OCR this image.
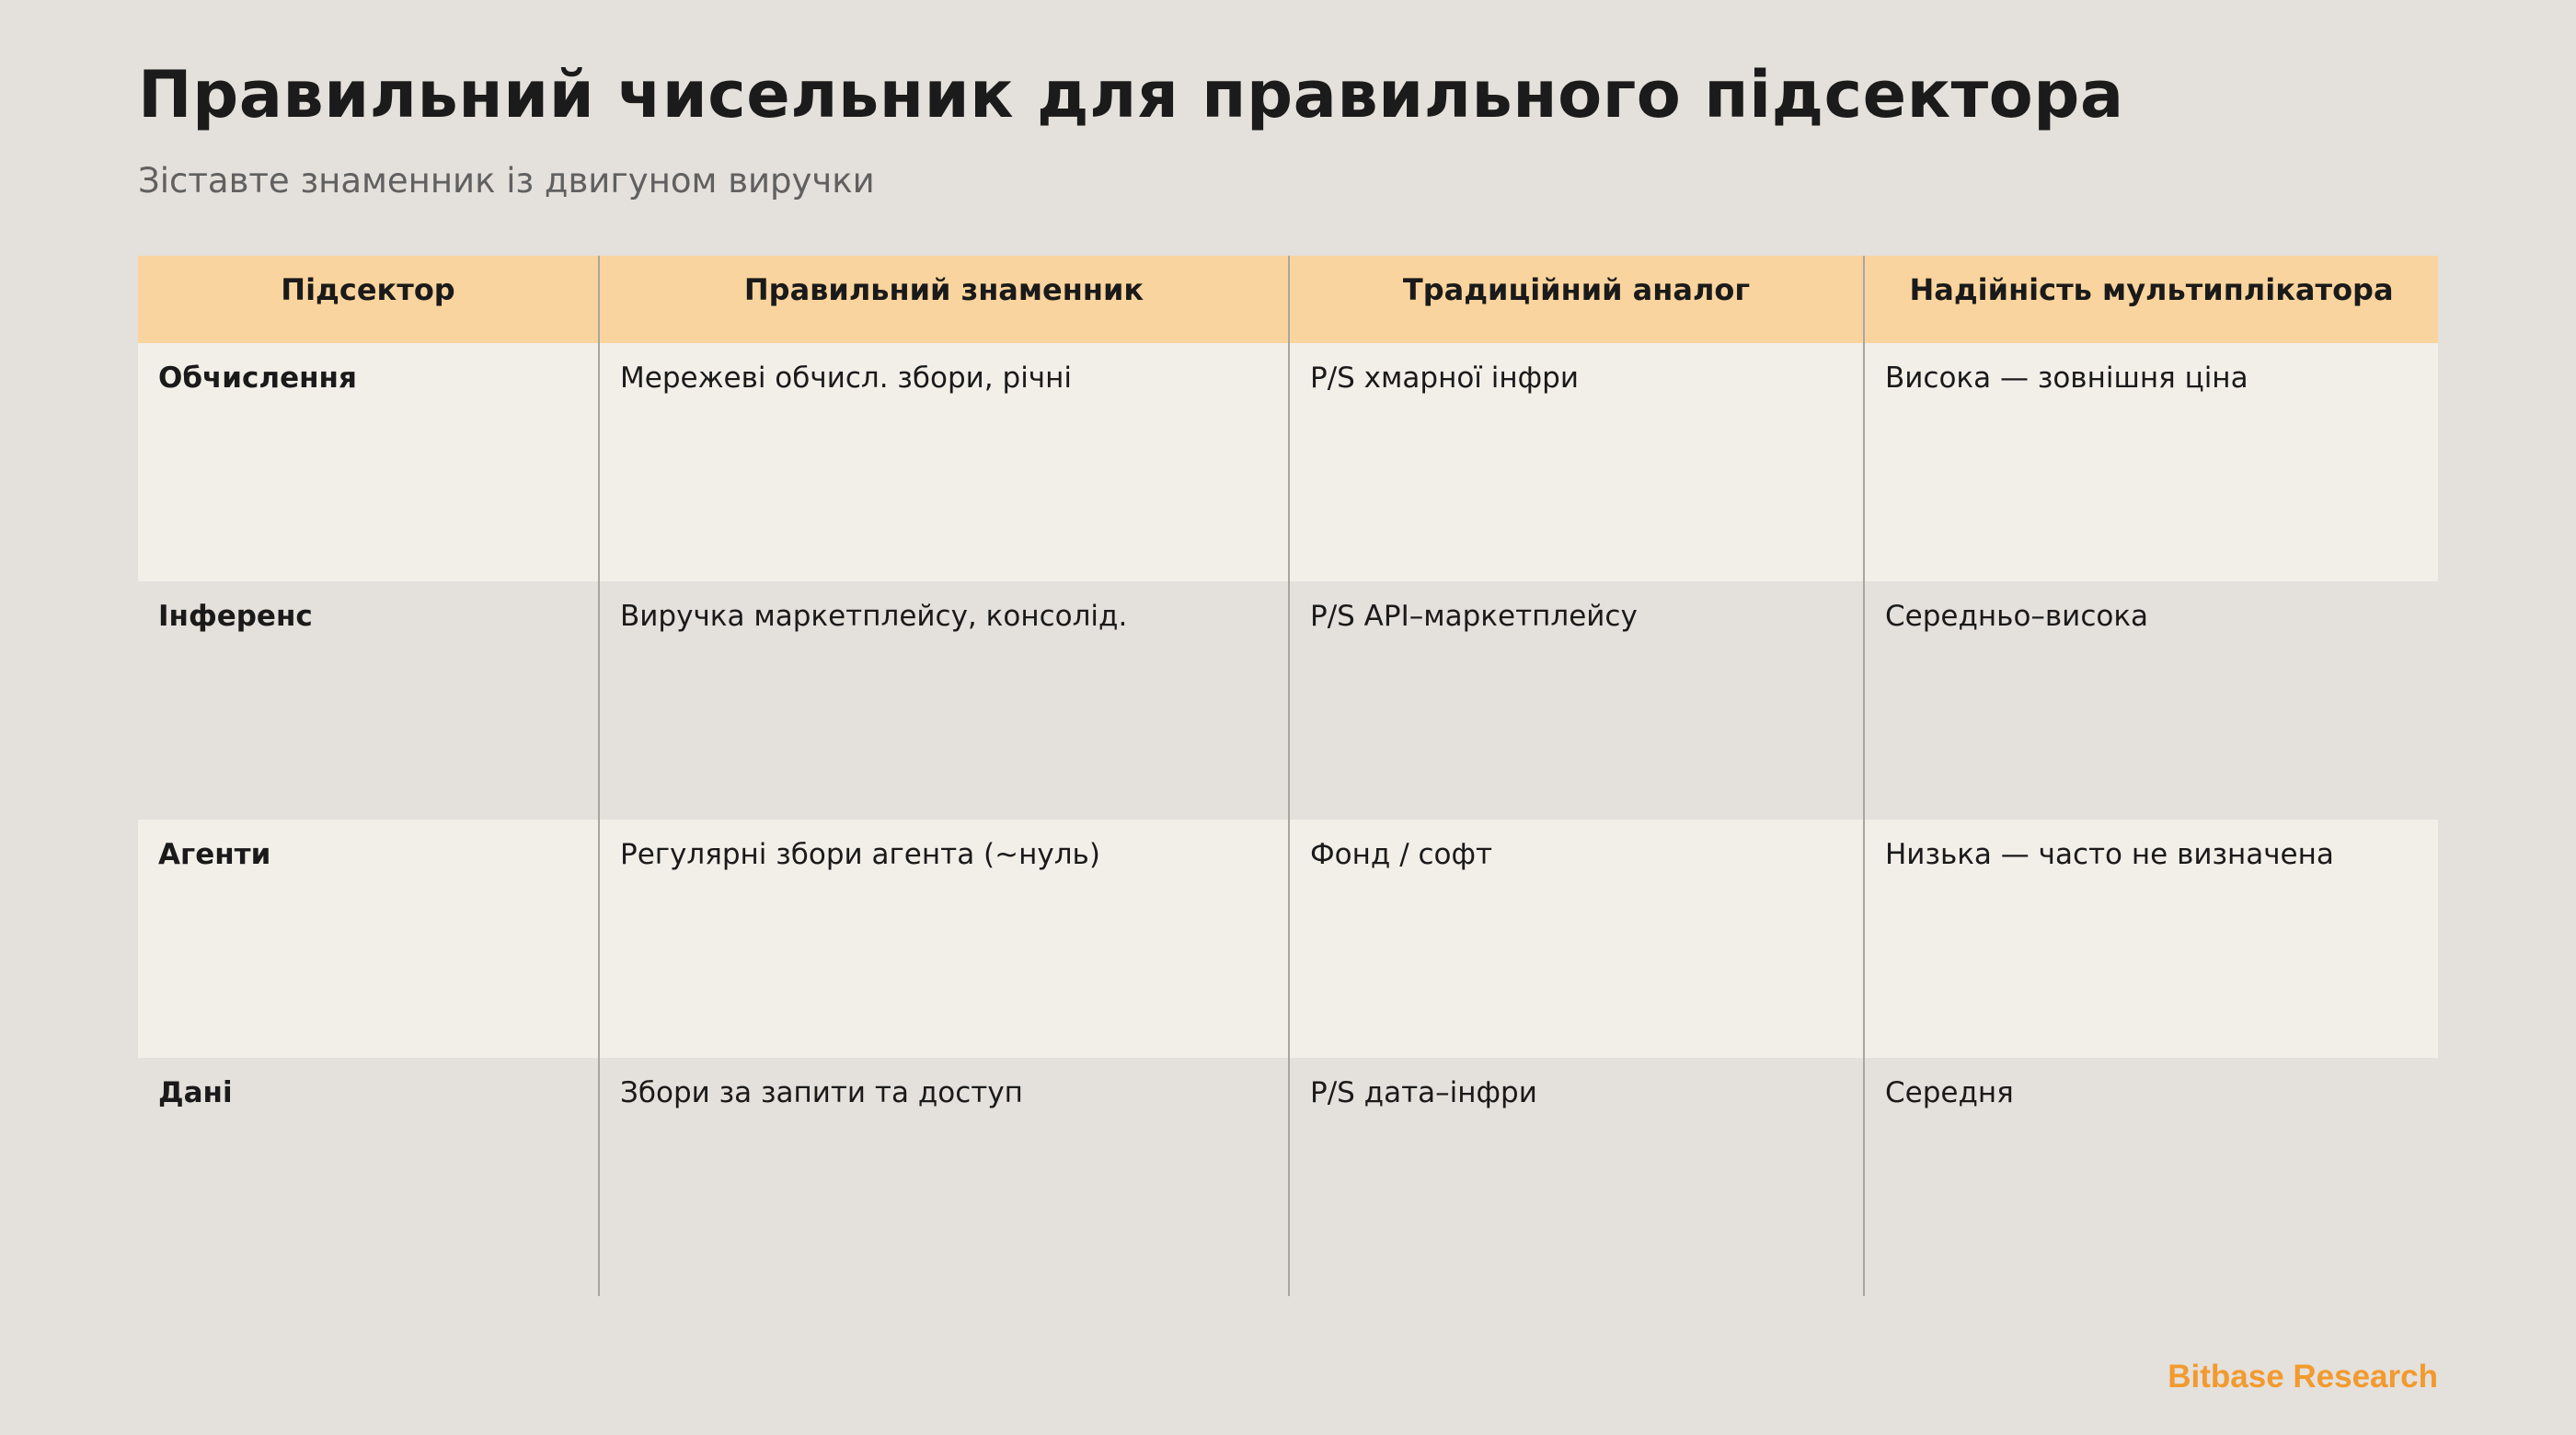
Правильний чисельник для правильного підсектора
Зіставте знаменник із двигуном виручки
Підсектор	Правильний знаменник	Традиційний аналог	Надійність мультиплікатора
Обчислення	Мережеві обчисл. збори, річні	P/S хмарної інфри	Висока — зовнішня ціна
Інференс	Виручка маркетплейсу, консолід.	P/S API–маркетплейсу	Середньо–висока
Агенти	Регулярні збори агента (~нуль)	Фонд / софт	Низька — часто не визначена
Дані	Збори за запити та доступ	P/S дата–інфри	Середня
Bitbase Research
